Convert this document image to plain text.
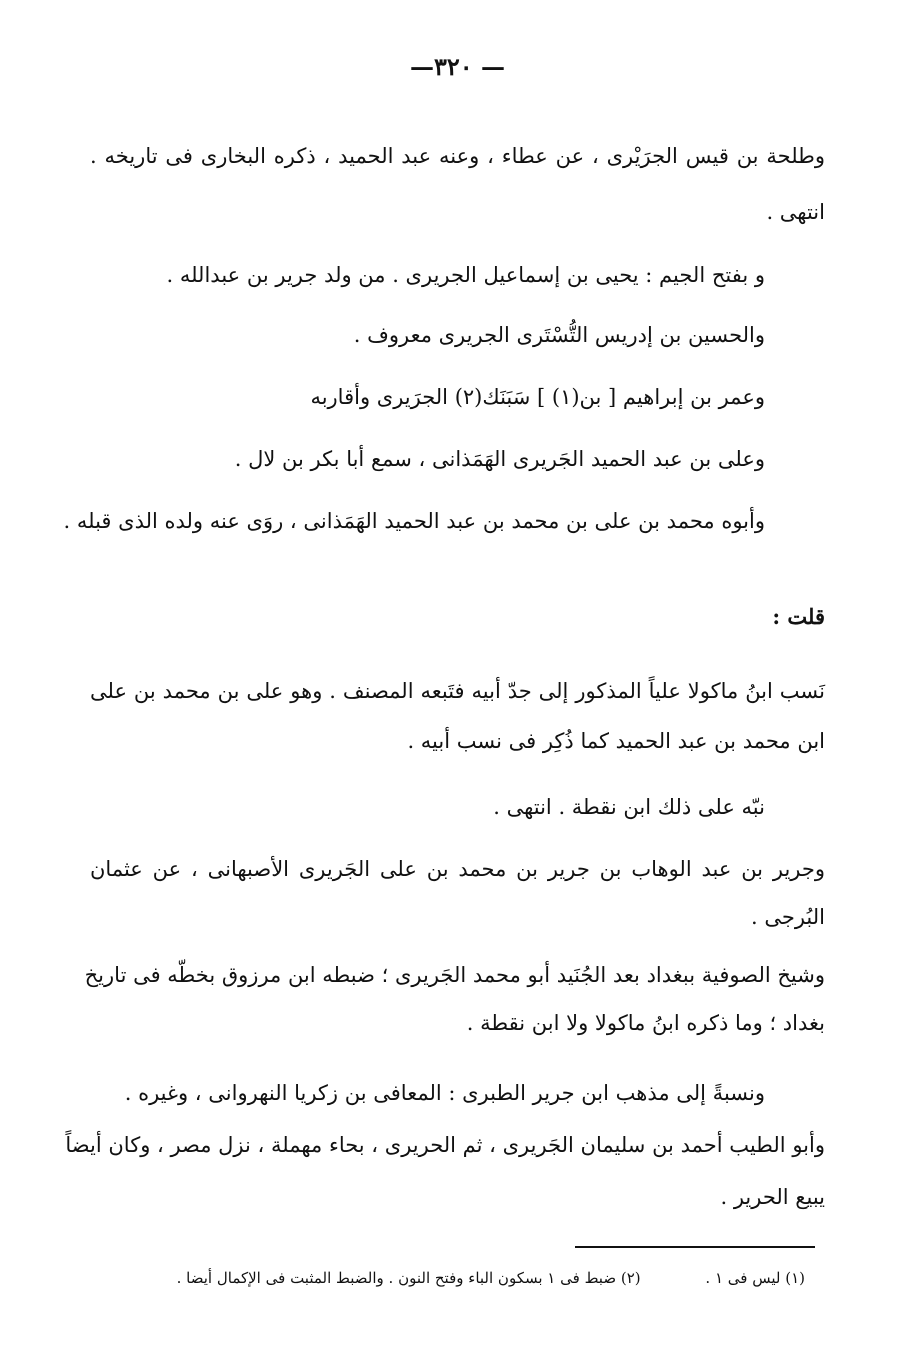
—٣٢٠ —
وطلحة بن قيس الجرَيْرى ، عن عطاء ، وعنه عبد الحميد ، ذكره البخارى فى تاريخه .
انتهى .
و بفتح الجيم : يحيى بن إسماعيل الجريرى . من ولد جرير بن عبدالله .
والحسين بن إدريس التُّسْتَرى الجريرى معروف .
وعمر بن إبراهيم [ بن(١) ] سَبَنَك(٢) الجرَيرى وأقاربه
وعلى بن عبد الحميد الجَريرى الهَمَذانى ، سمع أبا بكر بن لال .
وأبوه محمد بن على بن محمد بن عبد الحميد الهَمَذانى ، روَى عنه ولده الذى قبله .
قلت :
نَسب ابنُ ماكولا علياً المذكور إلى جدّ أبيه فتَبعه المصنف . وهو على بن محمد بن على
ابن محمد بن عبد الحميد كما ذُكِر فى نسب أبيه .
نبّه على ذلك ابن نقطة . انتهى .
وجرير بن عبد الوهاب بن جرير بن محمد بن على الجَريرى الأصبهانى ، عن عثمان
البُرجى .
وشيخ الصوفية ببغداد بعد الجُنَيد أبو محمد الجَريرى ؛ ضبطه ابن مرزوق بخطّه فى تاريخ
بغداد ؛ وما ذكره ابنُ ماكولا ولا ابن نقطة .
ونسبةً إلى مذهب ابن جرير الطبرى : المعافى بن زكريا النهروانى ، وغيره .
وأبو الطيب أحمد بن سليمان الجَريرى ، ثم الحريرى ، بحاء مهملة ، نزل مصر ، وكان أيضاً
يبيع الحرير .
(١) ليس فى ١ . (٢) ضبط فى ١ بسكون الباء وفتح النون . والضبط المثبت فى الإكمال أيضا .
